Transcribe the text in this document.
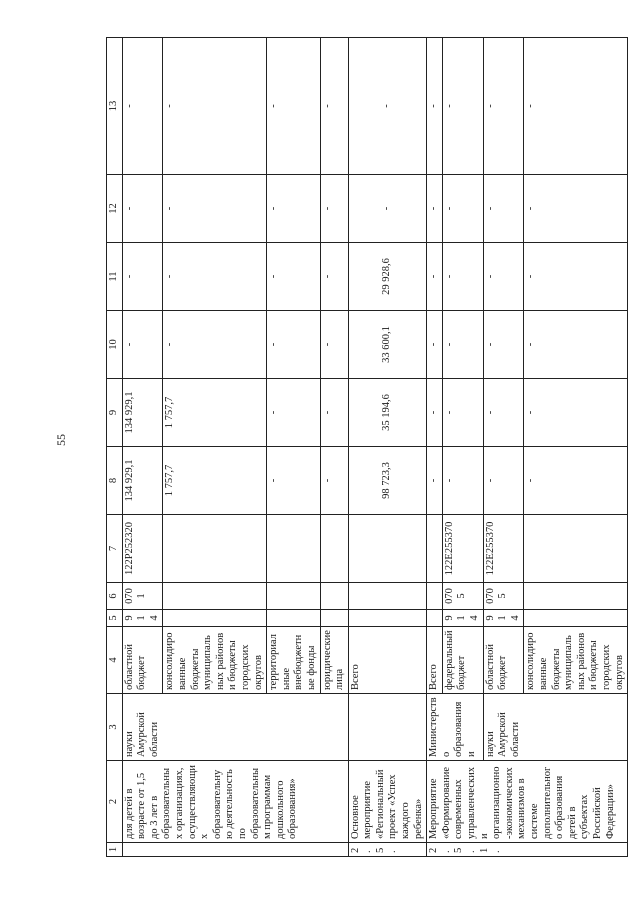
55
1	2	3	4	5	6	7	8	9	10	11	12	13
	для детей в возрасте от 1,5 до 3 лет в образовательных организациях, осуществляющих образовательную деятельность по образовательным программам дошкольного образования»	науки Амурской области	областной бюджет	914	0701	122P252320	134 929,1	134 929,1	-	-	-	-
			консолидированные бюджеты муниципальных районов и бюджеты городских округов				1 757,7	1 757,7	-	-	-	-
			территориальные внебюджетные фонды				-	-	-	-	-	-
			юридические лица				-	-	-	-	-	-
2.5.	Основное мероприятие «Региональный проект «Успех каждого ребенка»		Всего				98 723,3	35 194,6	33 600,1	29 928,6	-	-
2.5.1.	Мероприятие «Формирование современных управленческих и организационно-экономических механизмов в системе дополнительного образования детей в субъектах Российской Федерации»	Министерство образования и	Всего				-	-	-	-	-	-
			федеральный бюджет	914	0705	122E255370	-	-	-	-	-	-
		науки Амурской области	областной бюджет	914	0705	122E255370	-	-	-	-	-	-
			консолидированные бюджеты муниципальных районов и бюджеты городских округов				-	-	-	-	-	-
